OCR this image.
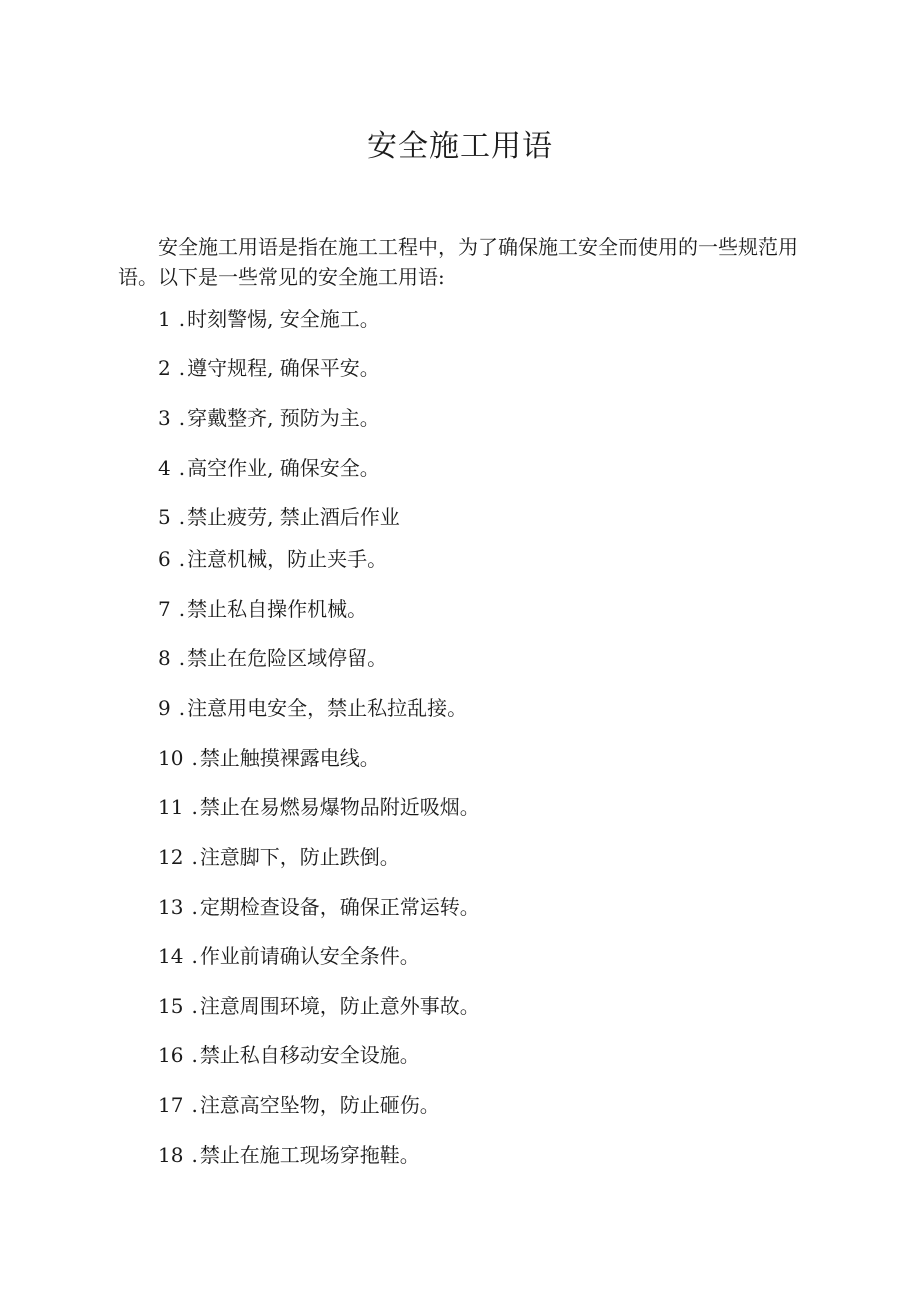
安全施工用语

安全施工用语是指在施工工程中，为了确保施工安全而使用的一些规范用语。以下是一些常见的安全施工用语:

1 . 时刻警惕, 安全施工。
2 . 遵守规程, 确保平安。
3 . 穿戴整齐, 预防为主。
4 . 高空作业, 确保安全。
5 . 禁止疲劳, 禁止酒后作业
6 . 注意机械，防止夹手。
7 . 禁止私自操作机械。
8 . 禁止在危险区域停留。
9 . 注意用电安全，禁止私拉乱接。
10 . 禁止触摸裸露电线。
11 . 禁止在易燃易爆物品附近吸烟。
12 . 注意脚下，防止跌倒。
13 . 定期检查设备，确保正常运转。
14 . 作业前请确认安全条件。
15 . 注意周围环境，防止意外事故。
16 . 禁止私自移动安全设施。
17 . 注意高空坠物，防止砸伤。
18 . 禁止在施工现场穿拖鞋。
